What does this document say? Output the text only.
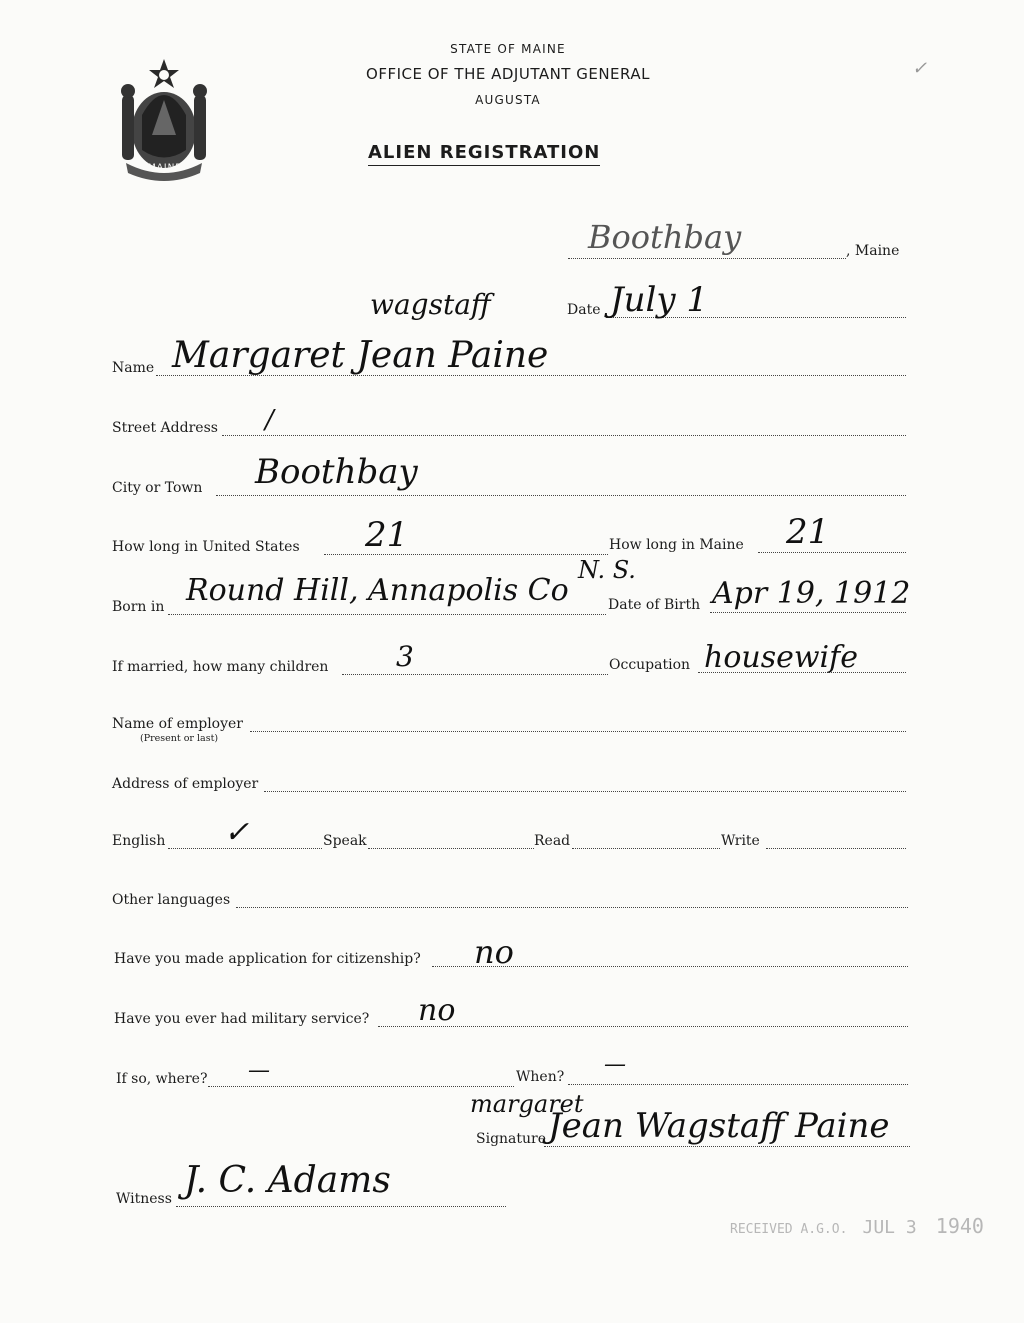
MAINE
STATE OF MAINE
OFFICE OF THE ADJUTANT GENERAL
AUGUSTA
ALIEN REGISTRATION
✓
Boothbay	, Maine
wagstaff	Date July 1
Name Margaret Jean Paine
Street Address /
City or Town Boothbay
How long in United States 21	How long in Maine 21
Born in Round Hill, Annapolis Co
N. S.
Date of Birth Apr 19, 1912
If married, how many children 3	Occupation housewife
Name of employer
(Present or last)
Address of employer
English ✓	Speak	Read	Write
Other languages
Have you made application for citizenship? no
Have you ever had military service? no
If so, where? —	When? —
margaret
Signature Jean Wagstaff Paine
Witness J. C. Adams
RECEIVED A.G.O. JUL 3 1940
